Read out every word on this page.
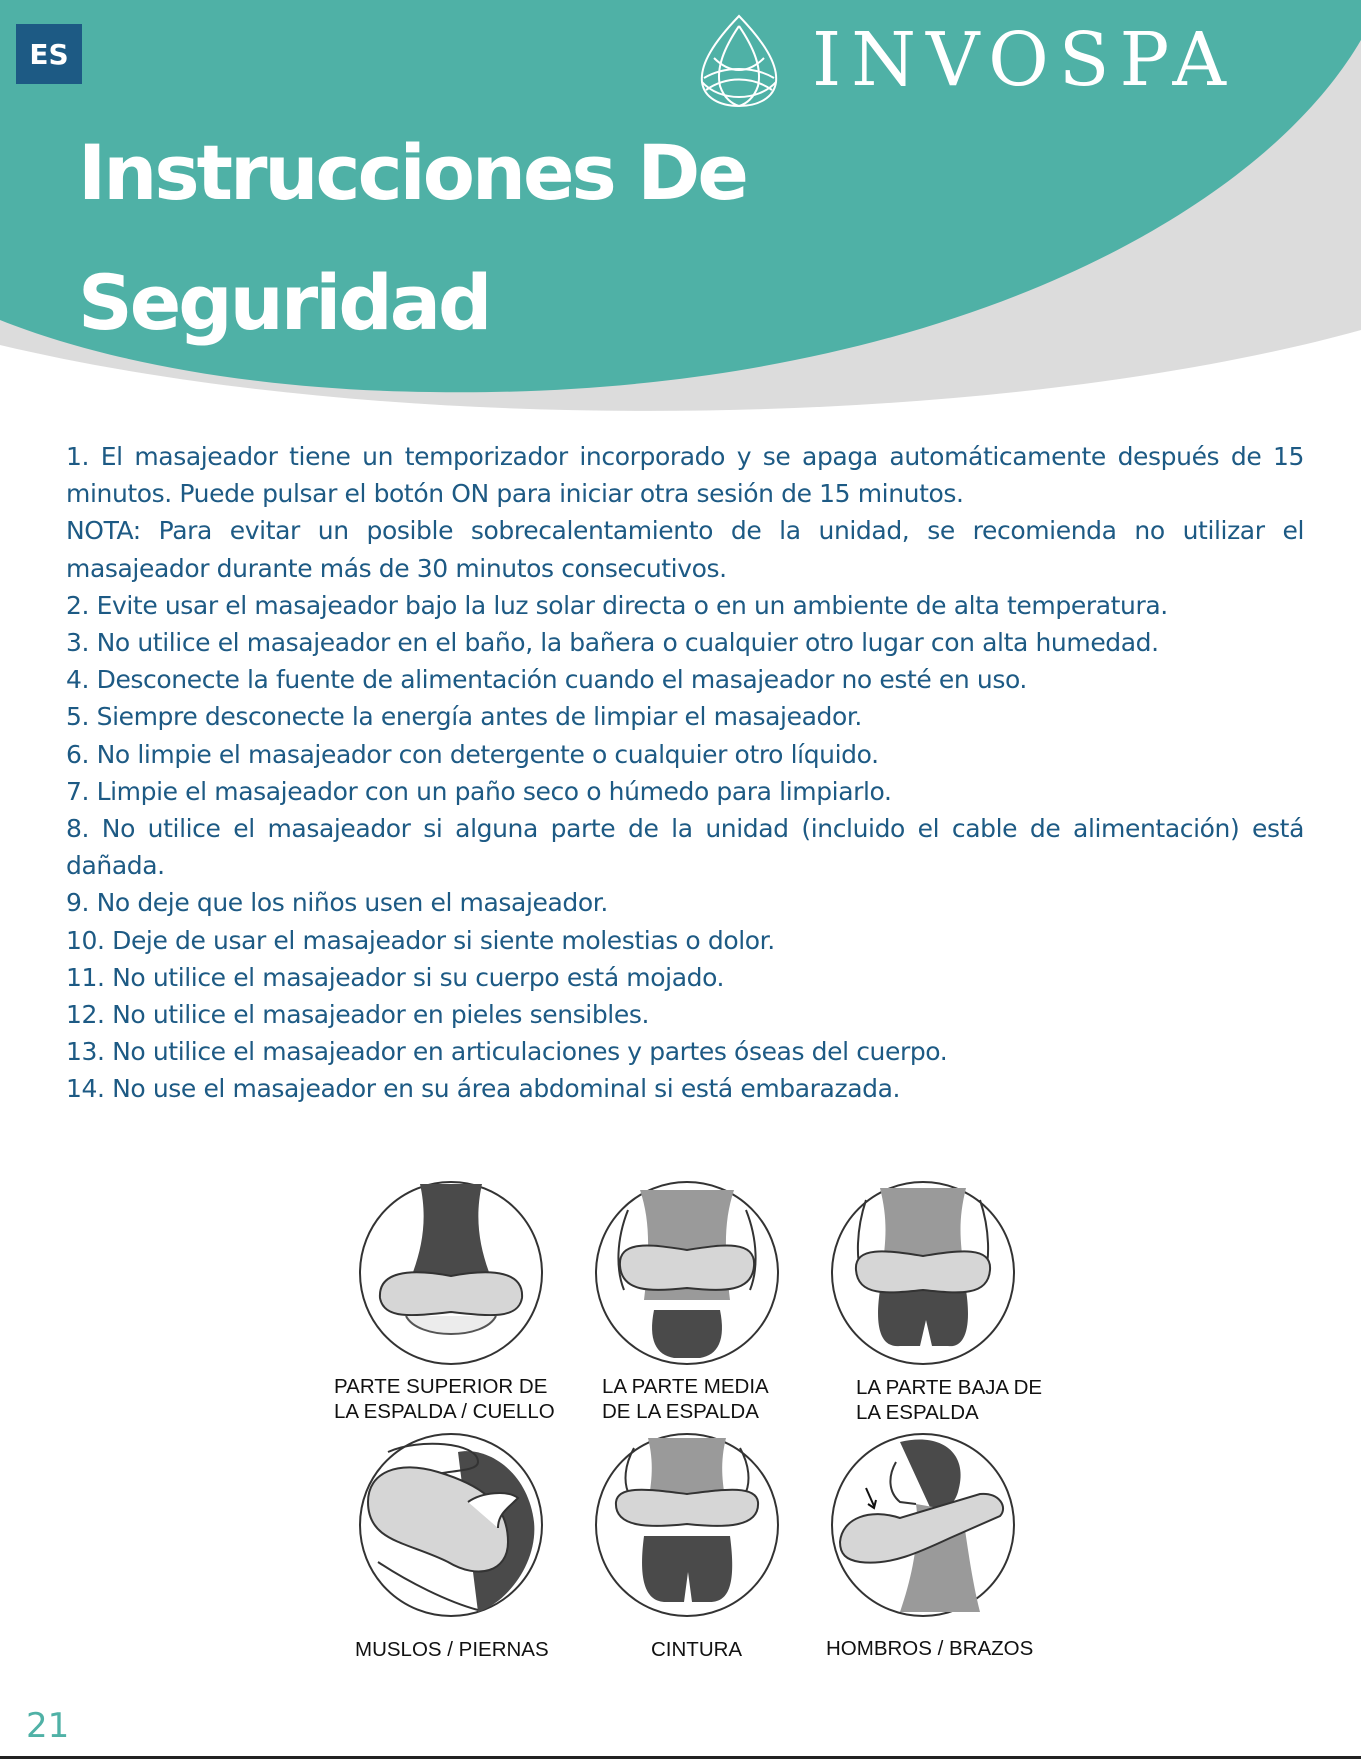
ES	INVOSPA
Instrucciones De
Seguridad

1. El masajeador tiene un temporizador incorporado y se apaga automáticamente después de 15 minutos. Puede pulsar el botón ON para iniciar otra sesión de 15 minutos.

NOTA: Para evitar un posible sobrecalentamiento de la unidad, se recomienda no utilizar el masajeador durante más de 30 minutos consecutivos.

2. Evite usar el masajeador bajo la luz solar directa o en un ambiente de alta temperatura.

3. No utilice el masajeador en el baño, la bañera o cualquier otro lugar con alta humedad.

4. Desconecte la fuente de alimentación cuando el masajeador no esté en uso.

5. Siempre desconecte la energía antes de limpiar el masajeador.

6. No limpie el masajeador con detergente o cualquier otro líquido.

7. Limpie el masajeador con un paño seco o húmedo para limpiarlo.

8. No utilice el masajeador si alguna parte de la unidad (incluido el cable de alimentación) está dañada.

9. No deje que los niños usen el masajeador.

10. Deje de usar el masajeador si siente molestias o dolor.

11. No utilice el masajeador si su cuerpo está mojado.

12. No utilice el masajeador en pieles sensibles.

13. No utilice el masajeador en articulaciones y partes óseas del cuerpo.

14. No use el masajeador en su área abdominal si está embarazada.

PARTE SUPERIOR DE
LA ESPALDA / CUELLO
LA PARTE MEDIA
DE LA ESPALDA
LA PARTE BAJA DE
LA ESPALDA
MUSLOS / PIERNAS	CINTURA	HOMBROS / BRAZOS
21
